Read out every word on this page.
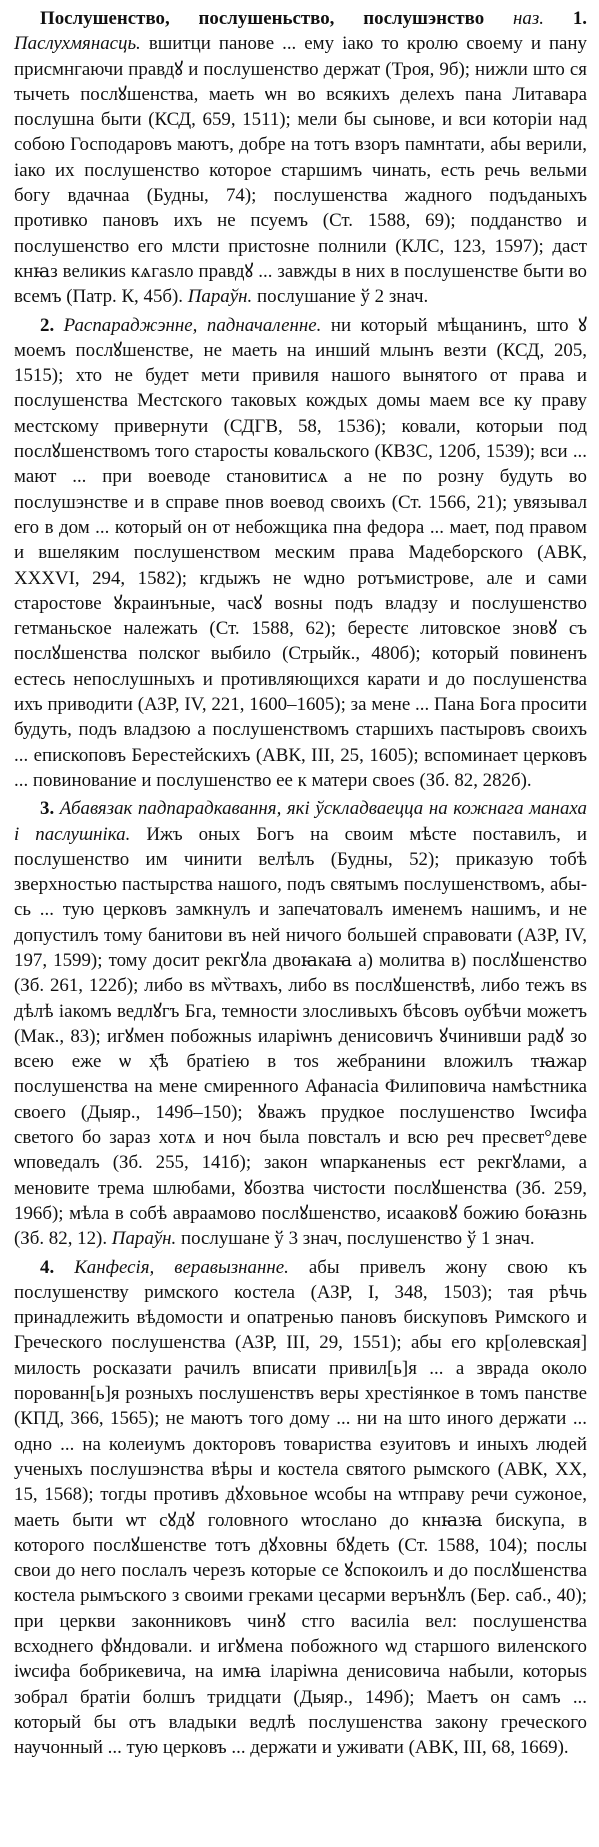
Послушенство, послушеньство, послушэнство наз. 1. Паслухмянасць. вшитци панове ... ему іако то кролю своему и пану присмнгаючи правдꙋ и послушенство держат (Троя, 9б); нижли што ся тычеть послꙋшенства, маеть ѡн во всякихъ делехъ пана Литавара послушна быти (КСД, 659, 1511); мели бы сынове, и вси которіи над собою Господаровъ маютъ, добре на тотъ взоръ памнтати, абы верили, іако их послушенство которое старшимъ чинать, есть речь вельми богу вдачнаа (Будны, 74); послушенства жадного подъданыхъ противко пановъ ихъ не псуемъ (Ст. 1588, 69); подданство и послушенство его млсти пристоѕне полнили (КЛС, 123, 1597); даст кнꙗз великиѕ кѧгаѕло правдꙋ ... завжды в них в послушенстве быти во всемъ (Патр. К, 45б). Параўн. послушание ў 2 знач.

2. Распараджэнне, падначаленне. ни который мѣщанинъ, што ꙋ моемъ послꙋшенстве, не маеть на инший млынъ везти (КСД, 205, 1515); хто не будет мети привиля нашого вынятого от права и послушенства Местского таковых кождых домы маем все ку праву местскому привернути (СДГВ, 58, 1536); ковали, которыи под послꙋшенствомъ того старосты ковальского (КВЗС, 120б, 1539); вси ... мают ... при воеводе становитисѧ а не по розну будуть во послушэнстве и в справе пнов воевод своихъ (Ст. 1566, 21); увязывал его в дом ... который он от небожщика пна федора ... мает, под правом и вшеляким послушенством меским права Мадеборского (АВК, XXXVI, 294, 1582); кгдыжъ не ѡдно ротъмистрове, але и сами старостове ꙋкраинъные, часꙋ воѕны подъ владзу и послушенство гетманьское належать (Ст. 1588, 62); берестє литовское зновꙋ съ послꙋшенства полскоr выбило (Стрыйк., 480б); который повиненъ естесь непослушныхъ и противляющихся карати и до послушенства ихъ приводити (АЗР, IV, 221, 1600–1605); за мене ... Пана Бога просити будуть, подъ владзою а послушенствомъ старшихъ пастыровъ своихъ ... епископовъ Берестейскихъ (АВК, III, 25, 1605); вспоминает церковъ ... повинование и послушенство ее к матери своеѕ (Зб. 82, 282б).

3. Абавязак падпарадкавання, які ўскладваецца на кожнага манаха і паслушніка. Ижъ оных Богъ на своим мѣсте поставилъ, и послушенство им чинити велѣлъ (Будны, 52); приказую тобѣ зверхностью пастырства нашого, подъ святымъ послушенствомъ, абы-сь ... тую церковъ замкнулъ и запечатовалъ именемъ нашимъ, и не допустилъ тому банитови въ ней ничого большей справовати (АЗР, IV, 197, 1599); тому досит рекгꙋла двоꙗкаꙗ а) молитва в) послꙋшенство (Зб. 261, 122б); либо вѕ мѷтвахъ, либо вѕ послꙋшенствѣ, либо тежъ вѕ дѣлѣ іакомъ ведлꙋгъ Бга, темности злосливыхъ бѣсовъ оубѣчи можетъ (Мак., 83); игꙋмен побожныѕ иларіѡнъ денисовичъ ꙋчинивши радꙋ зо всею еже ѡ ҳ҃ѣ братіею в тоѕ жебранини вложилъ тꙗжар послушенства на мене смиренного Афанасіа Филиповича намѣстника своего (Дыяр., 149б–150); ꙋважъ прудкое послушенство Іѡсифа светого бо зараз хотѧ и ноч была повсталъ и всю реч пресвет°деве ѡповедалъ (Зб. 255, 141б); закон ѡпарканеныѕ ест рекгꙋлами, а меновите трема шлюбами, ꙋбозтва чистости послꙋшенства (Зб. 259, 196б); мѣла в собѣ авраамово послꙋшенство, исааковꙋ божию боꙗзнь (Зб. 82, 12). Параўн. послушане ў 3 знач, послушенство ў 1 знач.

4. Канфесія, веравызнанне. абы привелъ жону свою къ послушенству римского костела (АЗР, I, 348, 1503); тая рѣчь принадлежить вѣдомости и опатренью пановъ бискуповъ Римского и Греческого послушенства (АЗР, III, 29, 1551); абы его кр[олевская] милость росказати рачилъ вписати привил[ь]я ... а зврада около порованн[ь]я розныхъ послушенствъ веры хрестіянкое в томъ панстве (КПД, 366, 1565); не маютъ того дому ... ни на што иного держати ... одно ... на колеиумъ докторовъ товариства езуитовъ и иныхъ людей ученыхъ послушэнства вѣры и костела святого рымского (АВК, XX, 15, 1568); тогды противъ дꙋховьное ѡсобы на ѡтправу речи сужоное, маеть быти ѡт сꙋдꙋ головного ѡтосланo до кнꙗзꙗ бискупа, в которого послꙋшенстве тотъ дꙋховны бꙋдеть (Ст. 1588, 104); послы свои до него послалъ черезъ которые се ꙋспокоилъ и до послꙋшенства костела рымъского з своими греками цесарми верънꙋлъ (Бер. саб., 40); при церкви законниковъ чинꙋ стго василіа вел: послушенства всходнего фꙋндовали. и игꙋмена побожного ѡд старшого виленского іѡсифа бобрикевича, на имꙗ іларіѡна денисовича набыли, которыѕ зобрал братіи болшъ тридцати (Дыяр., 149б); Маетъ он самъ ... который бы отъ владыки ведлѣ послушенства закону греческого научонный ... тую церковъ ... держати и уживати (АВК, III, 68, 1669).
